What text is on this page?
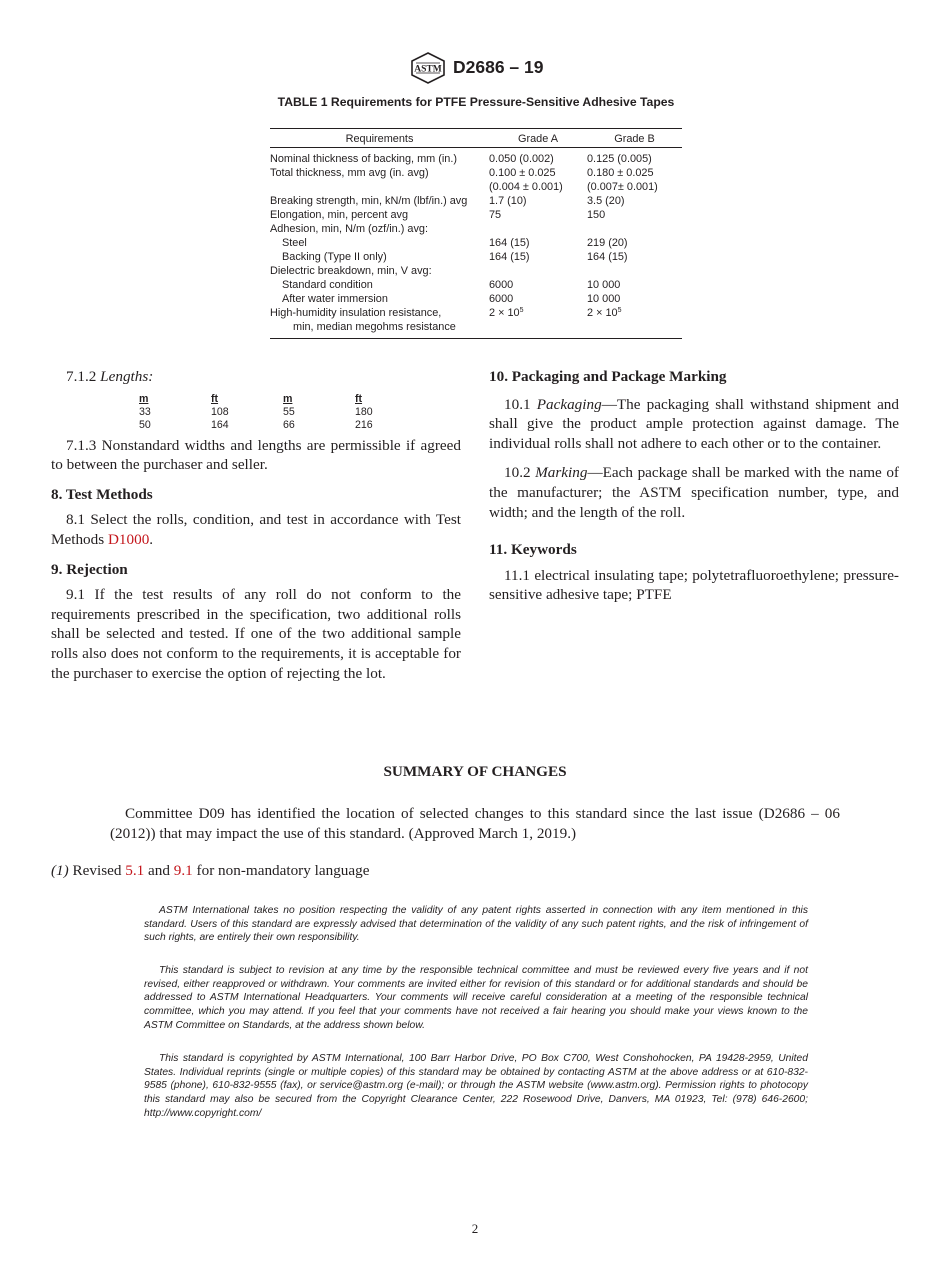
ASTM D2686 – 19
TABLE 1 Requirements for PTFE Pressure-Sensitive Adhesive Tapes
Requirements	Grade A	Grade B
Nominal thickness of backing, mm (in.)	0.050 (0.002)	0.125 (0.005)
Total thickness, mm avg (in. avg)	0.100 ± 0.025	0.180 ± 0.025
	(0.004 ± 0.001)	(0.007± 0.001)
Breaking strength, min, kN/m (lbf/in.) avg	1.7 (10)	3.5 (20)
Elongation, min, percent avg	75	150
Adhesion, min, N/m (ozf/in.) avg:		
Steel	164 (15)	219 (20)
Backing (Type II only)	164 (15)	164 (15)
Dielectric breakdown, min, V avg:		
Standard condition	6000	10 000
After water immersion	6000	10 000
High-humidity insulation resistance,
min, median megohms resistance	$2 \times 10^5$	$2 \times 10^5$

7.1.2 Lengths:

m	ft	m	ft
33	108	55	180
50	164	66	216

7.1.3 Nonstandard widths and lengths are permissible if agreed to between the purchaser and seller.

8. Test Methods

8.1 Select the rolls, condition, and test in accordance with Test Methods D1000.

9. Rejection

9.1 If the test results of any roll do not conform to the requirements prescribed in the specification, two additional rolls shall be selected and tested. If one of the two additional sample rolls also does not conform to the requirements, it is acceptable for the purchaser to exercise the option of rejecting the lot.

10. Packaging and Package Marking

10.1 Packaging—The packaging shall withstand shipment and shall give the product ample protection against damage. The individual rolls shall not adhere to each other or to the container.

10.2 Marking—Each package shall be marked with the name of the manufacturer; the ASTM specification number, type, and width; and the length of the roll.

11. Keywords

11.1 electrical insulating tape; polytetrafluoroethylene; pressure-sensitive adhesive tape; PTFE

SUMMARY OF CHANGES
Committee D09 has identified the location of selected changes to this standard since the last issue (D2686 – 06 (2012)) that may impact the use of this standard. (Approved March 1, 2019.)
(1) Revised 5.1 and 9.1 for non-mandatory language
ASTM International takes no position respecting the validity of any patent rights asserted in connection with any item mentioned in this standard. Users of this standard are expressly advised that determination of the validity of any such patent rights, and the risk of infringement of such rights, are entirely their own responsibility.
This standard is subject to revision at any time by the responsible technical committee and must be reviewed every five years and if not revised, either reapproved or withdrawn. Your comments are invited either for revision of this standard or for additional standards and should be addressed to ASTM International Headquarters. Your comments will receive careful consideration at a meeting of the responsible technical committee, which you may attend. If you feel that your comments have not received a fair hearing you should make your views known to the ASTM Committee on Standards, at the address shown below.
This standard is copyrighted by ASTM International, 100 Barr Harbor Drive, PO Box C700, West Conshohocken, PA 19428-2959, United States. Individual reprints (single or multiple copies) of this standard may be obtained by contacting ASTM at the above address or at 610-832-9585 (phone), 610-832-9555 (fax), or service@astm.org (e-mail); or through the ASTM website (www.astm.org). Permission rights to photocopy this standard may also be secured from the Copyright Clearance Center, 222 Rosewood Drive, Danvers, MA 01923, Tel: (978) 646-2600; http://www.copyright.com/
2
